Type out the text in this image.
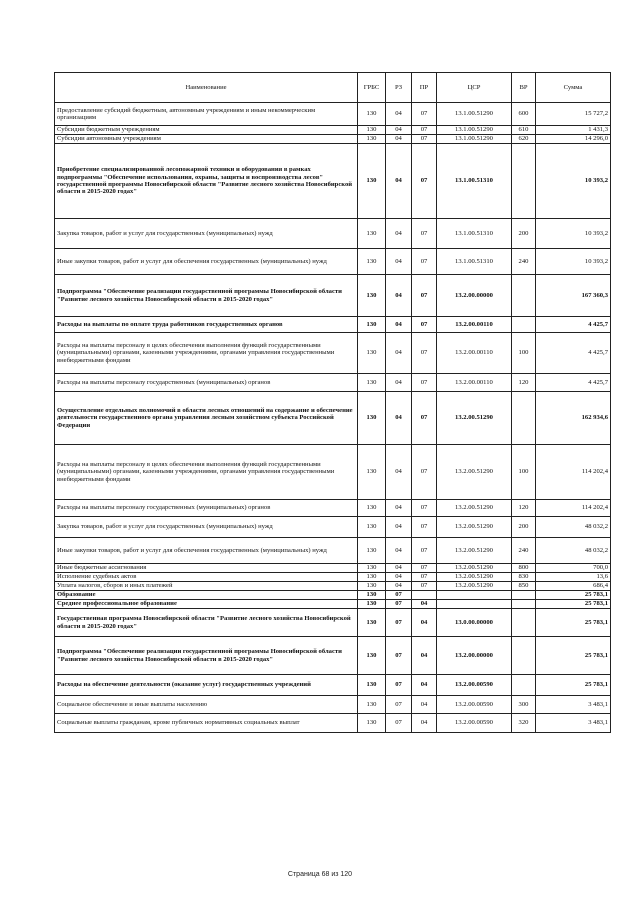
Наименование	ГРБС	РЗ	ПР	ЦСР	ВР	Сумма
Предоставление субсидий бюджетным, автономным учреждениям и иным некоммерческим организациям	130	04	07	13.1.00.51290	600	15 727,2
Субсидии бюджетным учреждениям	130	04	07	13.1.00.51290	610	1 431,3
Субсидии автономным учреждениям	130	04	07	13.1.00.51290	620	14 296,0
Приобретение специализированной лесопожарной техники и оборудования в рамках подпрограммы "Обеспечение использования, охраны, защиты и воспроизводства лесов" государственной программы Новосибирской области "Развитие лесного хозяйства Новосибирской области в 2015-2020 годах"	130	04	07	13.1.00.51310		10 393,2
Закупка товаров, работ и услуг для государственных (муниципальных) нужд	130	04	07	13.1.00.51310	200	10 393,2
Иные закупки товаров, работ и услуг для обеспечения государственных (муниципальных) нужд	130	04	07	13.1.00.51310	240	10 393,2
Подпрограмма "Обеспечение реализации государственной программы Новосибирской области "Развитие лесного хозяйства Новосибирской области в 2015-2020 годах"	130	04	07	13.2.00.00000		167 360,3
Расходы на выплаты по оплате труда работников государственных органов	130	04	07	13.2.00.00110		4 425,7
Расходы на выплаты персоналу в целях обеспечения выполнения функций государственными (муниципальными) органами, казенными учреждениями, органами управления государственными внебюджетными фондами	130	04	07	13.2.00.00110	100	4 425,7
Расходы на выплаты персоналу государственных (муниципальных) органов	130	04	07	13.2.00.00110	120	4 425,7
Осуществление отдельных полномочий в области лесных отношений на содержание и обеспечение деятельности государственного органа управления лесным хозяйством субъекта Российской Федерации	130	04	07	13.2.00.51290		162 934,6
Расходы на выплаты персоналу в целях обеспечения выполнения функций государственными (муниципальными) органами, казенными учреждениями, органами управления государственными внебюджетными фондами	130	04	07	13.2.00.51290	100	114 202,4
Расходы на выплаты персоналу государственных (муниципальных) органов	130	04	07	13.2.00.51290	120	114 202,4
Закупка товаров, работ и услуг для государственных (муниципальных) нужд	130	04	07	13.2.00.51290	200	48 032,2
Иные закупки товаров, работ и услуг для обеспечения государственных (муниципальных) нужд	130	04	07	13.2.00.51290	240	48 032,2
Иные бюджетные ассигнования	130	04	07	13.2.00.51290	800	700,0
Исполнение судебных актов	130	04	07	13.2.00.51290	830	13,6
Уплата налогов, сборов и иных платежей	130	04	07	13.2.00.51290	850	686,4
Образование	130	07				25 783,1
Среднее профессиональное образование	130	07	04			25 783,1
Государственная программа Новосибирской области "Развитие лесного хозяйства Новосибирской области в 2015-2020 годах"	130	07	04	13.0.00.00000		25 783,1
Подпрограмма "Обеспечение реализации государственной программы Новосибирской области "Развитие лесного хозяйства Новосибирской области в 2015-2020 годах"	130	07	04	13.2.00.00000		25 783,1
Расходы на обеспечение деятельности (оказание услуг) государственных учреждений	130	07	04	13.2.00.00590		25 783,1
Социальное обеспечение и иные выплаты населению	130	07	04	13.2.00.00590	300	3 483,1
Социальные выплаты гражданам, кроме публичных нормативных социальных выплат	130	07	04	13.2.00.00590	320	3 483,1
Страница 68 из 120
